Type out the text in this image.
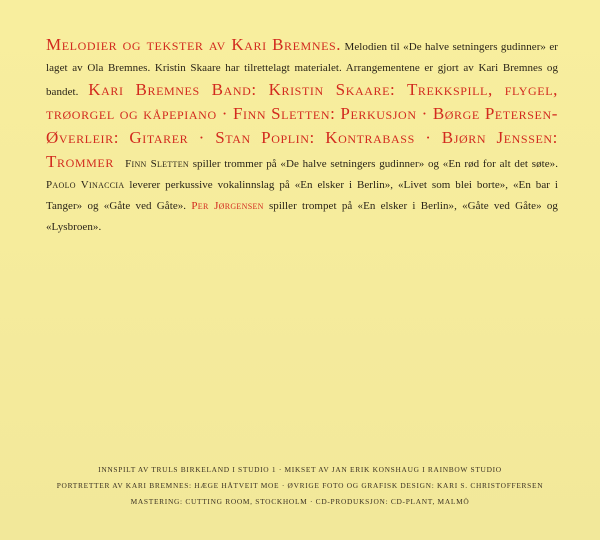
Melodier og tekster av Kari Bremnes. Melodien til «De halve setningers gudinner» er laget av Ola Bremnes. Kristin Skaare har tilrettelagt materialet. Arrangementene er gjort av Kari Bremnes og bandet. Kari Bremnes Band: Kristin Skaare: Trekkspill, flygel, trøorgel og kåpepiano · Finn Sletten: Perkusjon · Børge Petersen-Øverleir: Gitarer · Stan Poplin: Kontrabass · Bjørn Jenssen: Trommer Finn Sletten spiller trommer på «De halve setningers gudinner» og «En rød for alt det søte». Paolo Vinaccia leverer perkussive vokalinnslag på «En elsker i Berlin», «Livet som blei borte», «En bar i Tanger» og «Gåte ved Gåte». Per Jørgensen spiller trompet på «En elsker i Berlin», «Gåte ved Gåte» og «Lysbroen».
INNSPILT AV TRULS BIRKELAND I STUDIO 1 · MIKSET AV JAN ERIK KONSHAUG I RAINBOW STUDIO
PORTRETTER AV KARI BREMNES: HÆGE HÅTVEIT MOE · ØVRIGE FOTO OG GRAFISK DESIGN: KARI S. CHRISTOFFERSEN
MASTERING: CUTTING ROOM, STOCKHOLM · CD-PRODUKSJON: CD-PLANT, MALMÖ
